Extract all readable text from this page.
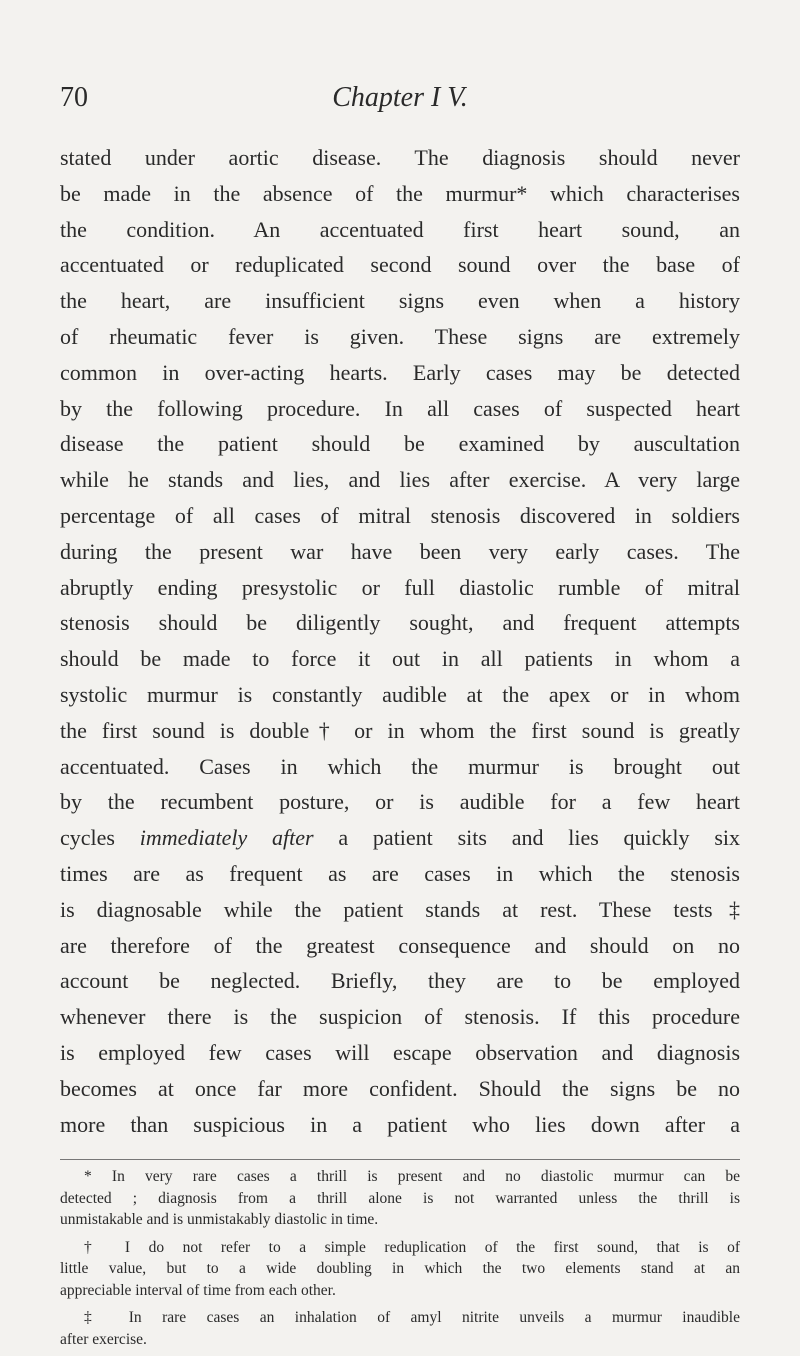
70	Chapter I V.
stated under aortic disease. The diagnosis should never
be made in the absence of the murmur* which characterises
the condition. An accentuated first heart sound, an
accentuated or reduplicated second sound over the base of
the heart, are insufficient signs even when a history
of rheumatic fever is given. These signs are extremely
common in over-acting hearts. Early cases may be detected
by the following procedure. In all cases of suspected heart
disease the patient should be examined by auscultation
while he stands and lies, and lies after exercise. A very large
percentage of all cases of mitral stenosis discovered in soldiers
during the present war have been very early cases. The
abruptly ending presystolic or full diastolic rumble of mitral
stenosis should be diligently sought, and frequent attempts
should be made to force it out in all patients in whom a
systolic murmur is constantly audible at the apex or in whom
the first sound is double† or in whom the first sound is greatly
accentuated. Cases in which the murmur is brought out
by the recumbent posture, or is audible for a few heart
cycles immediately after a patient sits and lies quickly six
times are as frequent as are cases in which the stenosis
is diagnosable while the patient stands at rest. These tests‡
are therefore of the greatest consequence and should on no
account be neglected. Briefly, they are to be employed
whenever there is the suspicion of stenosis. If this procedure
is employed few cases will escape observation and diagnosis
becomes at once far more confident. Should the signs be no
more than suspicious in a patient who lies down after a
* In very rare cases a thrill is present and no diastolic murmur can be
detected ; diagnosis from a thrill alone is not warranted unless the thrill is
unmistakable and is unmistakably diastolic in time.
† I do not refer to a simple reduplication of the first sound, that is of
little value, but to a wide doubling in which the two elements stand at an
appreciable interval of time from each other.
‡ In rare cases an inhalation of amyl nitrite unveils a murmur inaudible
after exercise.
